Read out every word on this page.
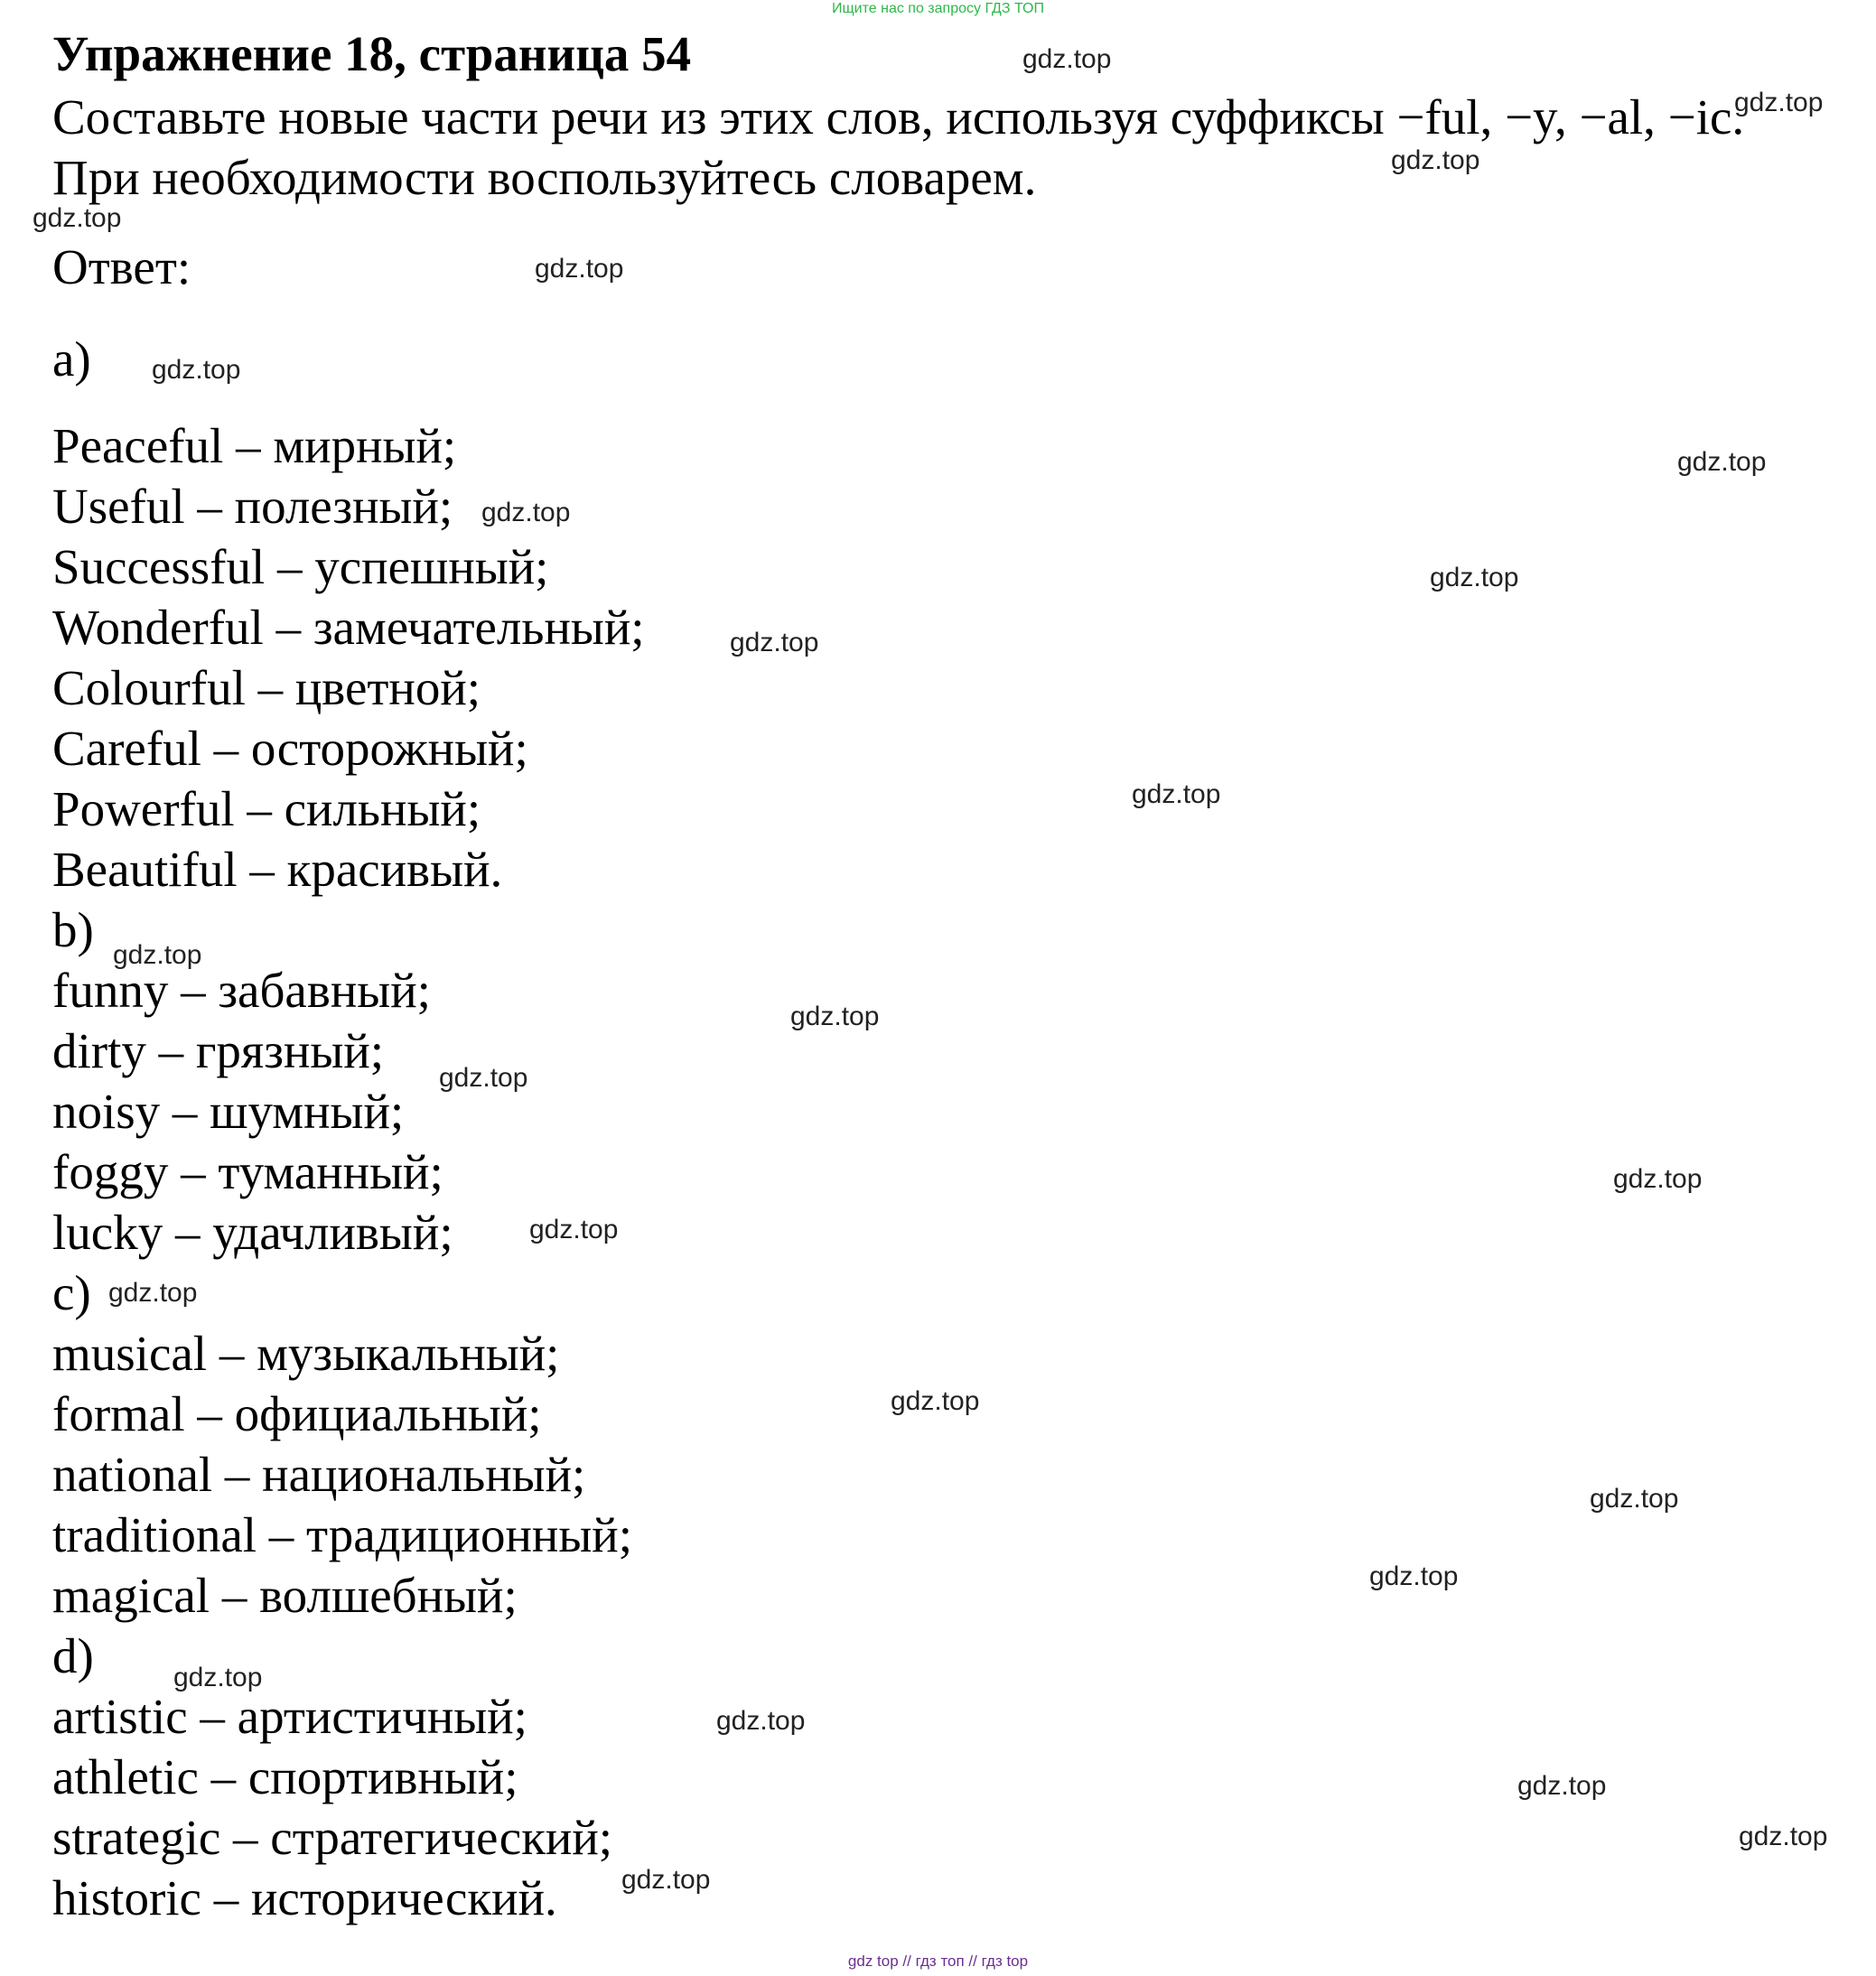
Ищите нас по запросу ГДЗ ТОП
Упражнение 18, страница 54
Составьте новые части речи из этих слов, используя суффиксы −ful, −y, −al, −ic. При необходимости воспользуйтесь словарем.
Ответ:
a)
Peaceful – мирный;
Useful – полезный;
Successful – успешный;
Wonderful – замечательный;
Colourful – цветной;
Careful – осторожный;
Powerful – сильный;
Beautiful – красивый.
b)
funny – забавный;
dirty – грязный;
noisy – шумный;
foggy – туманный;
lucky – удачливый;
c)
musical – музыкальный;
formal – официальный;
national – национальный;
traditional – традиционный;
magical – волшебный;
d)
artistic – артистичный;
athletic – спортивный;
strategic – стратегический;
historic – исторический.
gdz.top
gdz.top
gdz.top
gdz.top
gdz.top
gdz.top
gdz.top
gdz.top
gdz.top
gdz.top
gdz.top
gdz.top
gdz.top
gdz.top
gdz.top
gdz.top
gdz.top
gdz.top
gdz.top
gdz.top
gdz.top
gdz.top
gdz.top
gdz.top
gdz.top
gdz top // гдз топ // гдз top
